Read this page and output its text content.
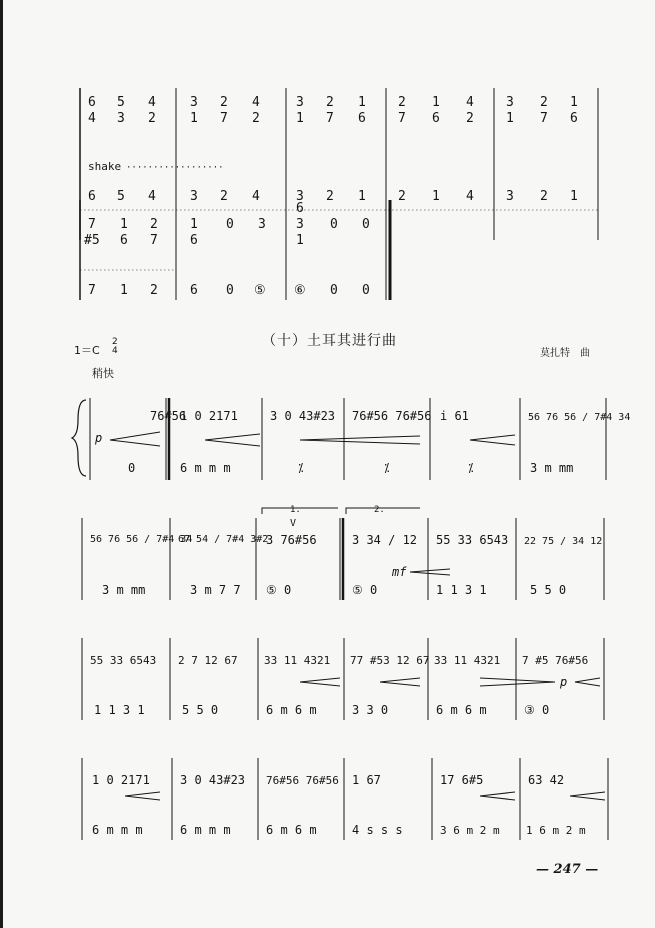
6 5 4	3 2 4	3 2 1 2 1 4 3 2 1
4 3 2	1 7 2	1 7 6 7 6 2 1 7 6
shake ··················
6 5 4	3 2 4	3 2 1 2 1 4 3 2 1
7 1 2 1 0 3
6
#5 6 7 6
3 0 0
1
7 1 2 6 0 ⑤ ⑥ 0 0
（十）土耳其进行曲
1＝C
2
4
稍快
莫扎特　曲
76#56
1 0 2171	3 0 43#23 76#56 76#56 i 61	56 76 56 / 7#4 34
p
0	6 m m m	⁒	⁒	⁒	3 m mm
1.	2.
V
56 76 56 / 7#4 34
67 54 / 7#4 3#2
3 76#56	3 34 / 12 55 33 6543 22 75 / 34 12
mf
3 m mm	3 m 7 7 ⑤ 0	⑤ 0	1 1 3 1	5 5 0
55 33 6543 2 7 12 67 33 11 4321 77 #53 12 67 33 11 4321 7 #5 76#56
p
1 1 3 1	5 5 0	6 m 6 m	3 3 0	6 m 6 m	③ 0
1 0 2171	3 0 43#23 76#56 76#56 1 67	17 6#5	63 42
6 m m m	6 m m m	6 m 6 m	4 s s s	3 6 m 2 m 1 6 m 2 m
— 247 —
